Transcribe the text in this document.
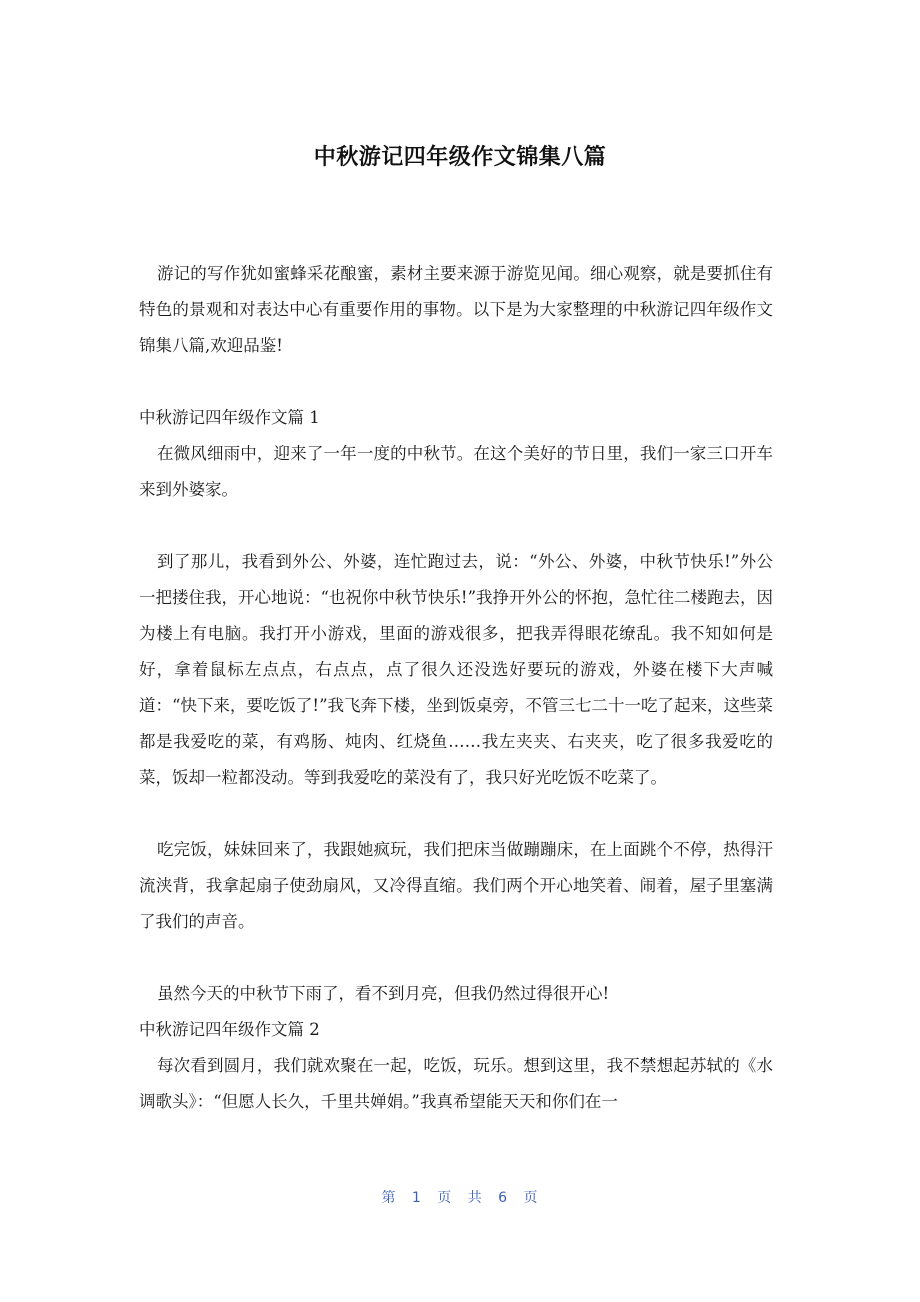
中秋游记四年级作文锦集八篇

游记的写作犹如蜜蜂采花酿蜜，素材主要来源于游览见闻。细心观察，就是要抓住有特色的景观和对表达中心有重要作用的事物。以下是为大家整理的中秋游记四年级作文锦集八篇,欢迎品鉴!

中秋游记四年级作文篇 1

在微风细雨中，迎来了一年一度的中秋节。在这个美好的节日里，我们一家三口开车来到外婆家。

到了那儿，我看到外公、外婆，连忙跑过去，说：“外公、外婆，中秋节快乐!”外公一把搂住我，开心地说：“也祝你中秋节快乐!”我挣开外公的怀抱，急忙往二楼跑去，因为楼上有电脑。我打开小游戏，里面的游戏很多，把我弄得眼花缭乱。我不知如何是好，拿着鼠标左点点，右点点，点了很久还没选好要玩的游戏，外婆在楼下大声喊道：“快下来，要吃饭了!”我飞奔下楼，坐到饭桌旁，不管三七二十一吃了起来，这些菜都是我爱吃的菜，有鸡肠、炖肉、红烧鱼……我左夹夹、右夹夹，吃了很多我爱吃的菜，饭却一粒都没动。等到我爱吃的菜没有了，我只好光吃饭不吃菜了。

吃完饭，妹妹回来了，我跟她疯玩，我们把床当做蹦蹦床，在上面跳个不停，热得汗流浃背，我拿起扇子使劲扇风，又冷得直缩。我们两个开心地笑着、闹着，屋子里塞满了我们的声音。

虽然今天的中秋节下雨了，看不到月亮，但我仍然过得很开心!

中秋游记四年级作文篇 2

每次看到圆月，我们就欢聚在一起，吃饭，玩乐。想到这里，我不禁想起苏轼的《水调歌头》：“但愿人长久，千里共婵娟。”我真希望能天天和你们在一

第 1 页 共 6 页
